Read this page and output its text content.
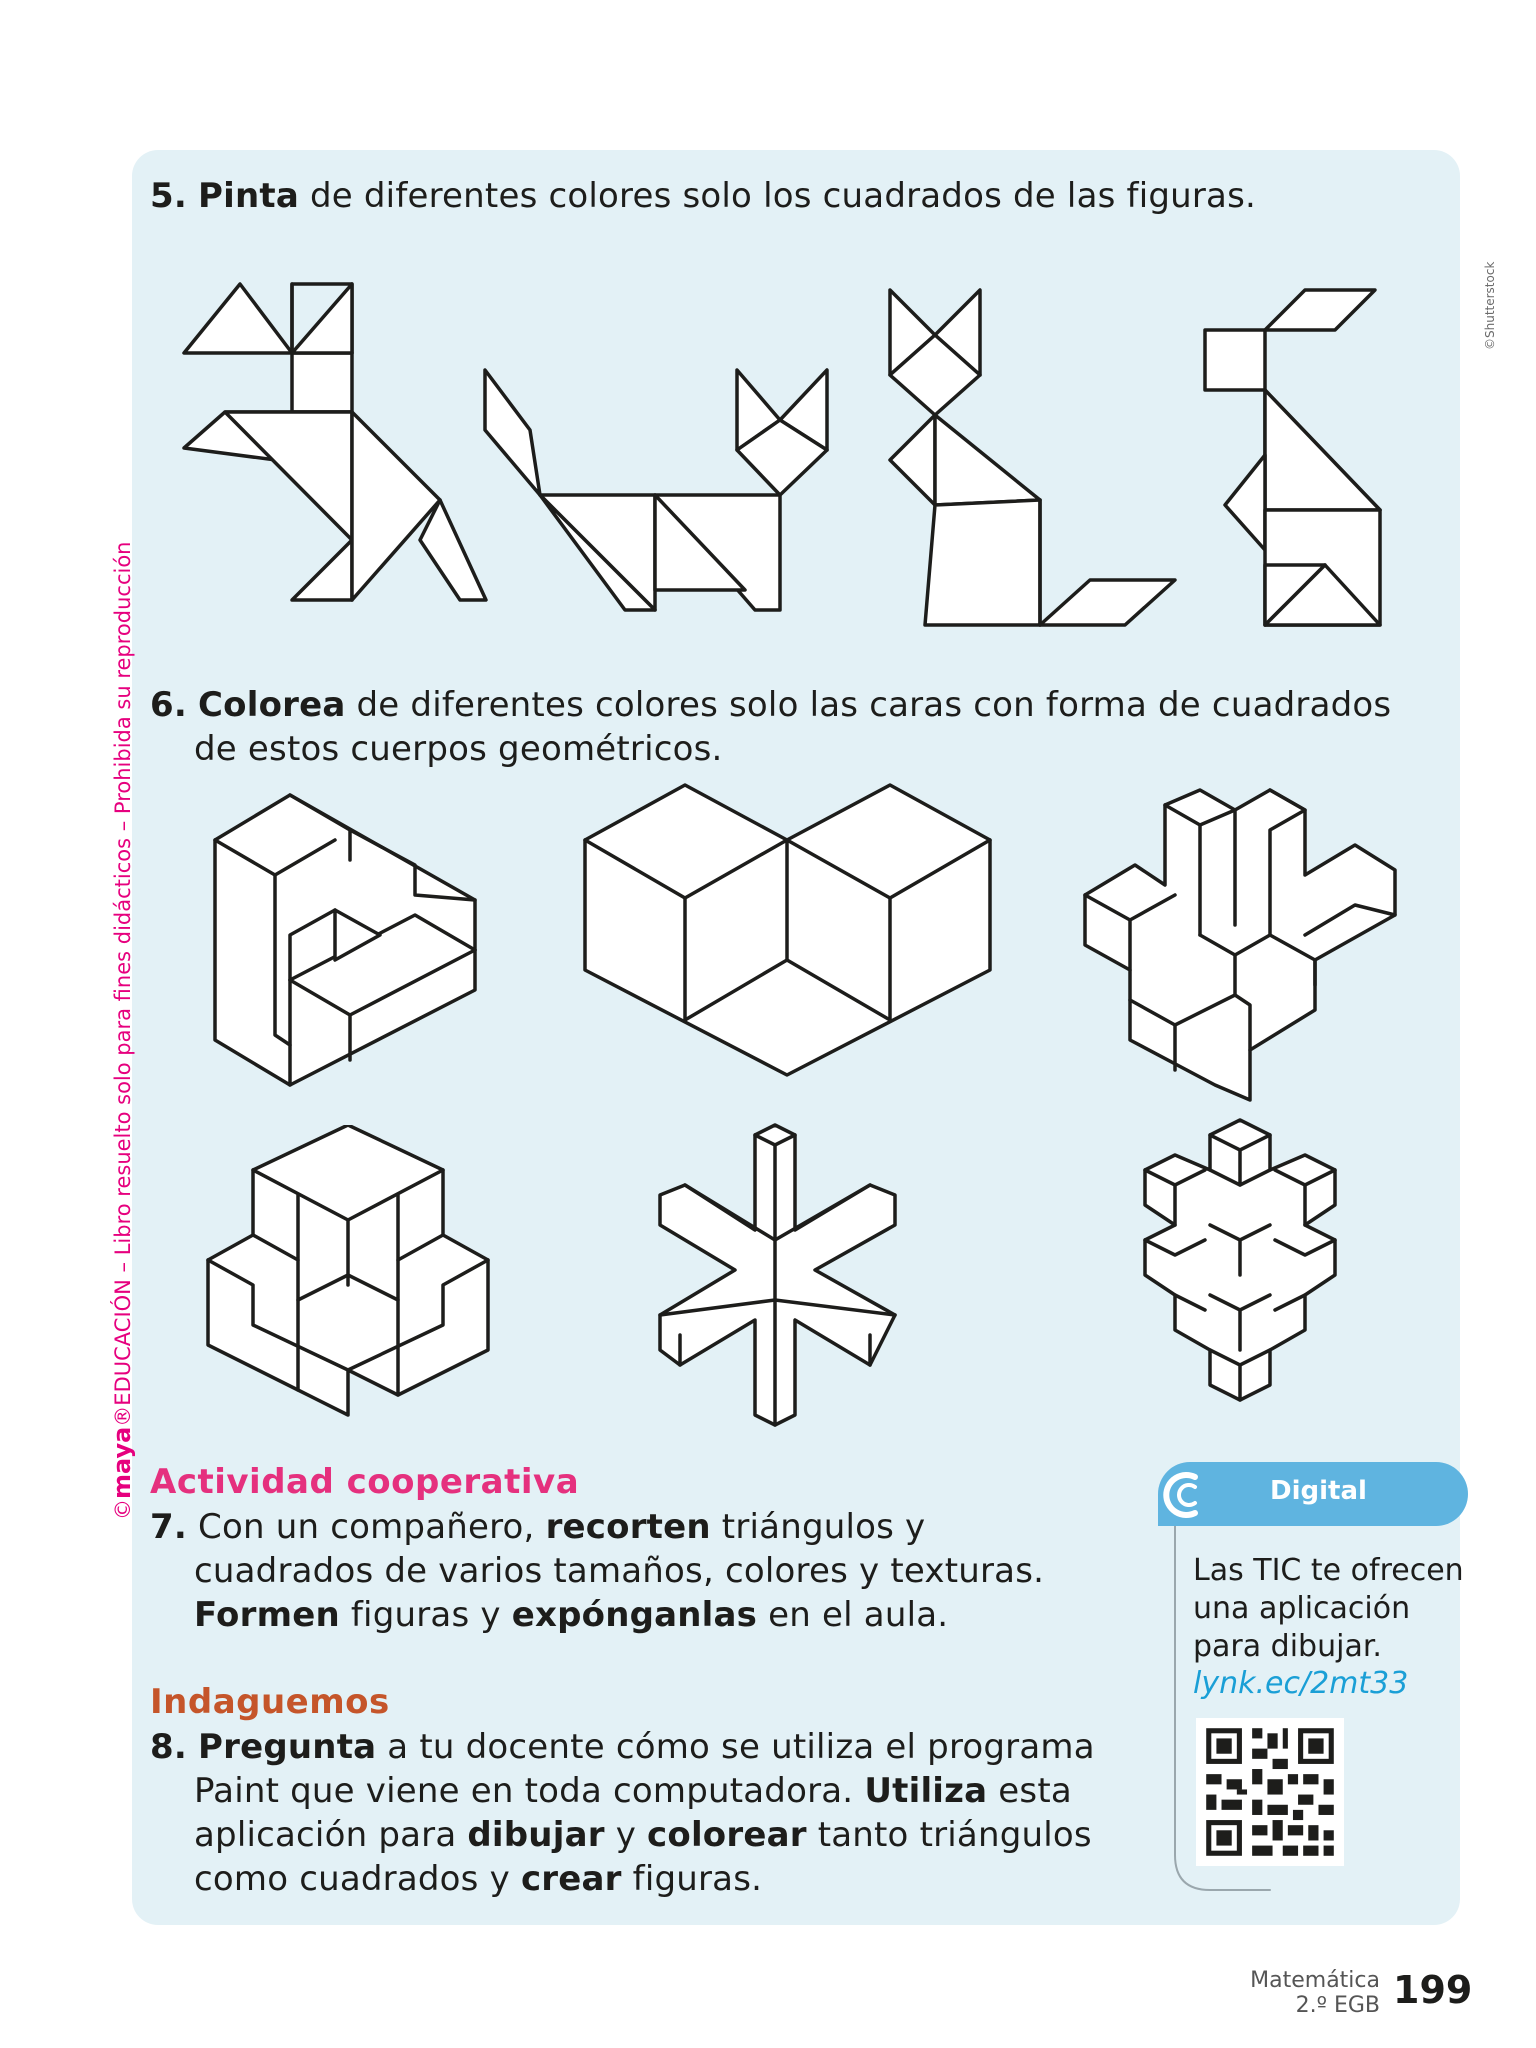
©maya®EDUCACIÓN – Libro resuelto solo para fines didácticos – Prohibida su reproducción
©Shutterstock
5. Pinta de diferentes colores solo los cuadrados de las figuras.
6. Colorea de diferentes colores solo las caras con forma de cuadrados
de estos cuerpos geométricos.
Actividad cooperativa
7. Con un compañero, recorten triángulos y
cuadrados de varios tamaños, colores y texturas.
Formen figuras y expónganlas en el aula.
Indaguemos
8. Pregunta a tu docente cómo se utiliza el programa
Paint que viene en toda computadora. Utiliza esta
aplicación para dibujar y colorear tanto triángulos
como cuadrados y crear figuras.
Digital
Las TIC te ofrecen
una aplicación
para dibujar.
lynk.ec/2mt33
Matemática
2.º EGB 199
